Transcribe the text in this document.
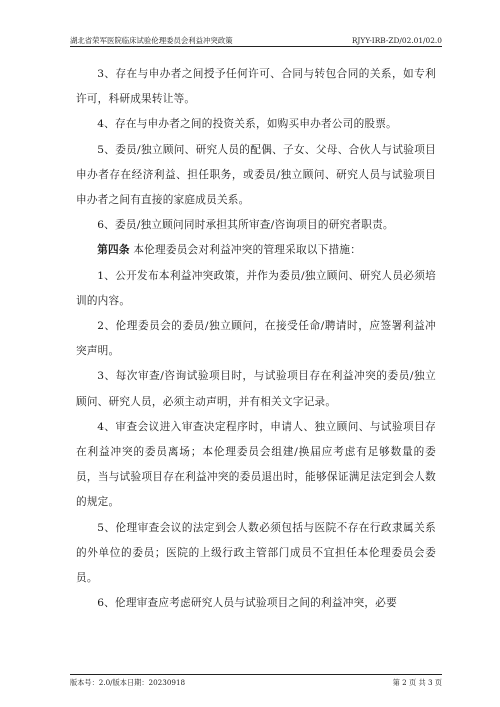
湖北省荣军医院临床试验伦理委员会利益冲突政策	RJYY-IRB-ZD/02.01/02.0

3、存在与申办者之间授予任何许可、合同与转包合同的关系，如专利许可，科研成果转让等。

4、存在与申办者之间的投资关系，如购买申办者公司的股票。

5、委员/独立顾问、研究人员的配偶、子女、父母、合伙人与试验项目申办者存在经济利益、担任职务，或委员/独立顾问、研究人员与试验项目申办者之间有直接的家庭成员关系。

6、委员/独立顾问同时承担其所审查/咨询项目的研究者职责。

第四条 本伦理委员会对利益冲突的管理采取以下措施：

1、公开发布本利益冲突政策，并作为委员/独立顾问、研究人员必须培训的内容。

2、伦理委员会的委员/独立顾问，在接受任命/聘请时，应签署利益冲突声明。

3、每次审查/咨询试验项目时，与试验项目存在利益冲突的委员/独立顾问、研究人员，必须主动声明，并有相关文字记录。

4、审查会议进入审查决定程序时，申请人、独立顾问、与试验项目存在利益冲突的委员离场；本伦理委员会组建/换届应考虑有足够数量的委员，当与试验项目存在利益冲突的委员退出时，能够保证满足法定到会人数的规定。

5、伦理审查会议的法定到会人数必须包括与医院不存在行政隶属关系的外单位的委员；医院的上级行政主管部门成员不宜担任本伦理委员会委员。

6、伦理审查应考虑研究人员与试验项目之间的利益冲突，必要

版本号：2.0/版本日期：20230918	第 2 页 共 3 页
